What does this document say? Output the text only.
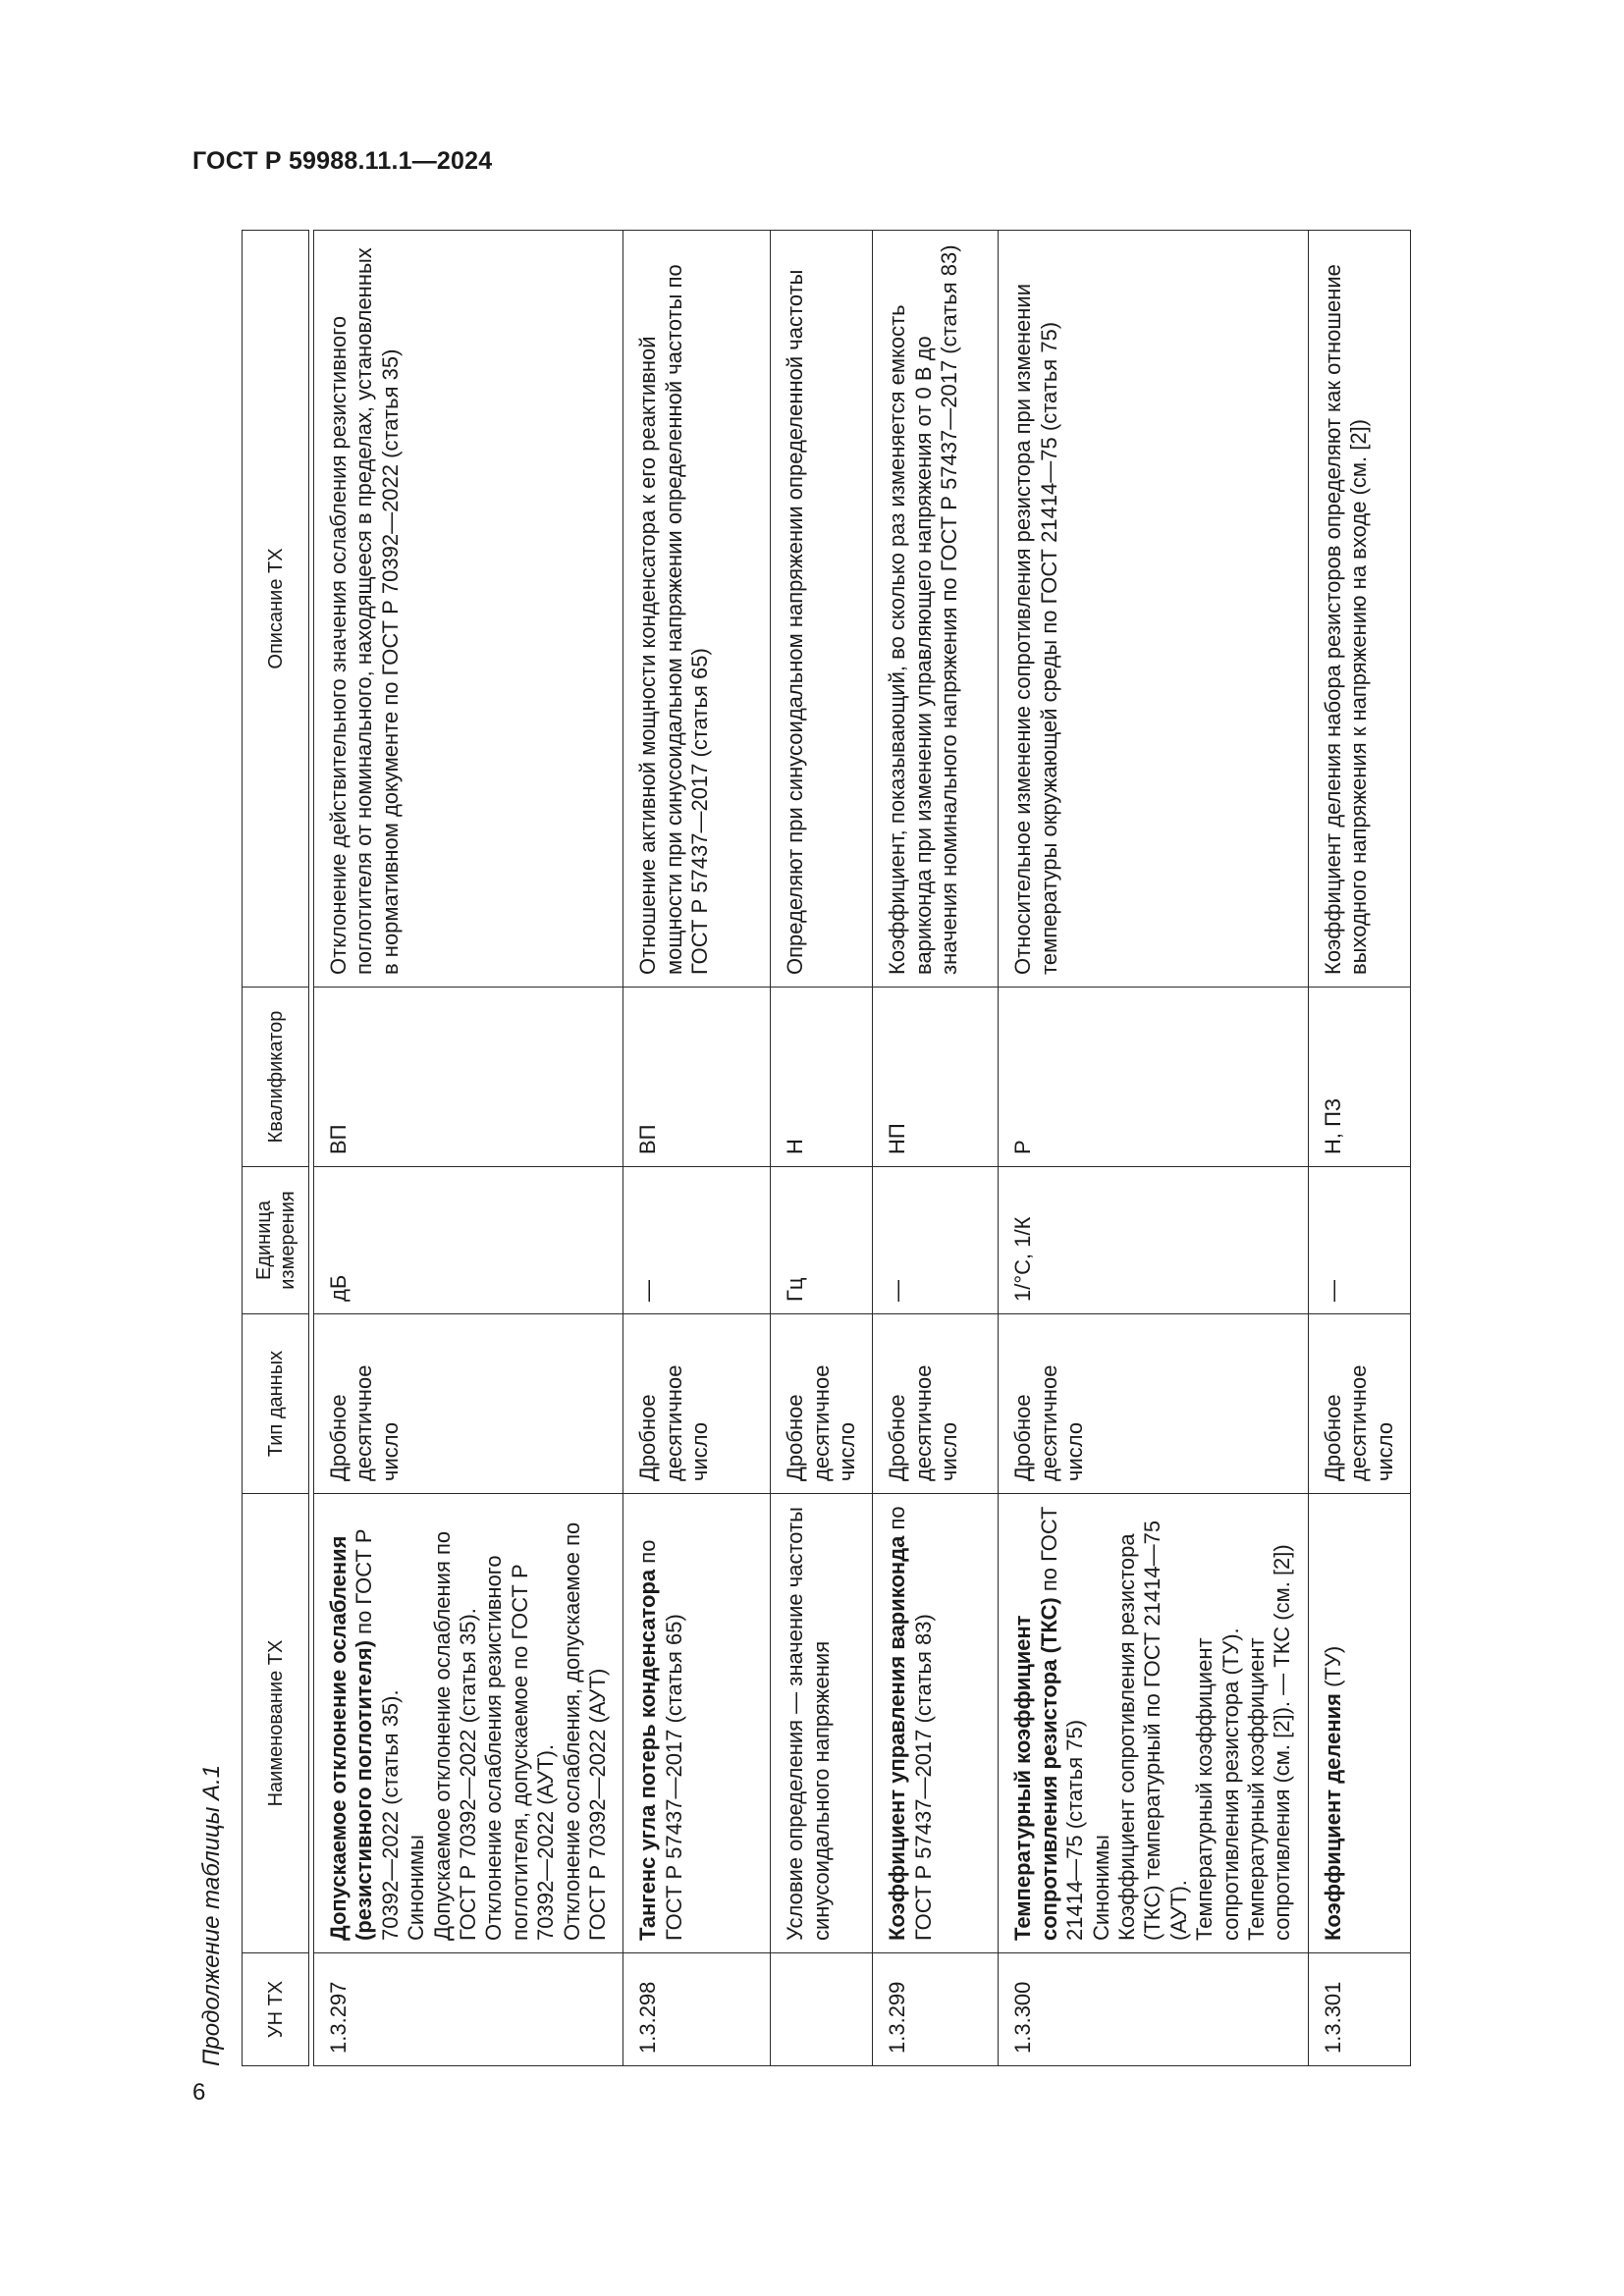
ГОСТ Р 59988.11.1—2024
6
Продолжение таблицы А.1	УН ТХ	Наименование ТХ	Тип данных	Единица измерения	Квалификатор	Описание ТХ

1.3.297	Допускаемое отклонение ослабления (резистивного поглотителя) по ГОСТ Р 70392—2022 (статья 35). Синонимы Допускаемое отклонение ослабления по ГОСТ Р 70392—2022 (статья 35). Отклонение ослабления резистивного поглотителя, допускаемое по ГОСТ Р 70392—2022 (АУТ). Отклонение ослабления, допускаемое по ГОСТ Р 70392—2022 (АУТ)	Дробное десятичное число	дБ	ВП	Отклонение действительного значения ослабления резистивного поглотителя от номинального, находящееся в пределах, установленных в нормативном документе по ГОСТ Р 70392—2022 (статья 35)
1.3.298	Тангенс угла потерь конденсатора по ГОСТ Р 57437—2017 (статья 65)	Дробное десятичное число	—	ВП	Отношение активной мощности конденсатора к его реактивной мощности при синусоидальном напряжении определенной частоты по ГОСТ Р 57437—2017 (статья 65)
	Условие определения — значение частоты синусоидального напряжения	Дробное десятичное число	Гц	Н	Определяют при синусоидальном напряжении определенной частоты
1.3.299	Коэффициент управления вариконда по ГОСТ Р 57437—2017 (статья 83)	Дробное десятичное число	—	НП	Коэффициент, показывающий, во сколько раз изменяется емкость вариконда при изменении управляющего напряжения от 0 В до значения номинального напряжения по ГОСТ Р 57437—2017 (статья 83)
1.3.300	Температурный коэффициент сопротивления резистора (ТКС) по ГОСТ 21414—75 (статья 75) Синонимы Коэффициент сопротивления резистора (ТКС) температурный по ГОСТ 21414—75 (АУТ). Температурный коэффициент сопротивления резистора (ТУ). Температурный коэффициент сопротивления (см. [2]). — ТКС (см. [2])	Дробное десятичное число	1/°С, 1/К	Р	Относительное изменение сопротивления резистора при изменении температуры окружающей среды по ГОСТ 21414—75 (статья 75)
1.3.301	Коэффициент деления (ТУ)	Дробное десятичное число	—	Н, ПЗ	Коэффициент деления набора резисторов определяют как отношение выходного напряжения к напряжению на входе (см. [2])
